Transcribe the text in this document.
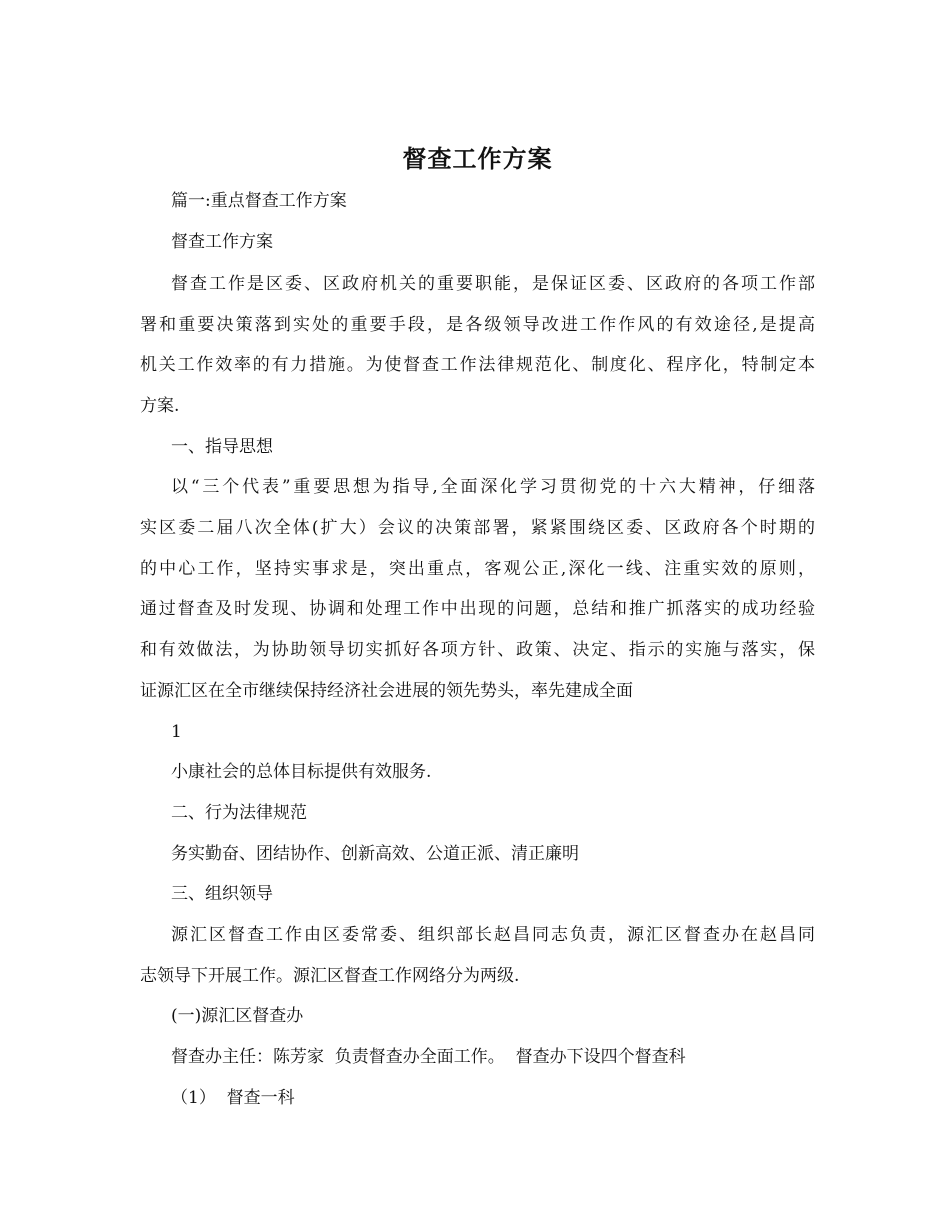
督查工作方案
篇一:重点督查工作方案
督查工作方案
督查工作是区委、区政府机关的重要职能，是保证区委、区政府的各项工作部
署和重要决策落到实处的重要手段，是各级领导改进工作作风的有效途径,是提高
机关工作效率的有力措施。为使督查工作法律规范化、制度化、程序化，特制定本
方案.
一、指导思想
以“三个代表”重要思想为指导,全面深化学习贯彻党的十六大精神，仔细落
实区委二届八次全体(扩大）会议的决策部署，紧紧围绕区委、区政府各个时期的
的中心工作，坚持实事求是，突出重点，客观公正,深化一线、注重实效的原则，
通过督查及时发现、协调和处理工作中出现的问题，总结和推广抓落实的成功经验
和有效做法，为协助领导切实抓好各项方针、政策、决定、指示的实施与落实，保
证源汇区在全市继续保持经济社会进展的领先势头，率先建成全面
1
小康社会的总体目标提供有效服务.
二、行为法律规范
务实勤奋、团结协作、创新高效、公道正派、清正廉明
三、组织领导
源汇区督查工作由区委常委、组织部长赵昌同志负责，源汇区督查办在赵昌同
志领导下开展工作。源汇区督查工作网络分为两级.
(一)源汇区督查办
督查办主任：陈芳家  负责督查办全面工作。  督查办下设四个督查科
（1）  督查一科
